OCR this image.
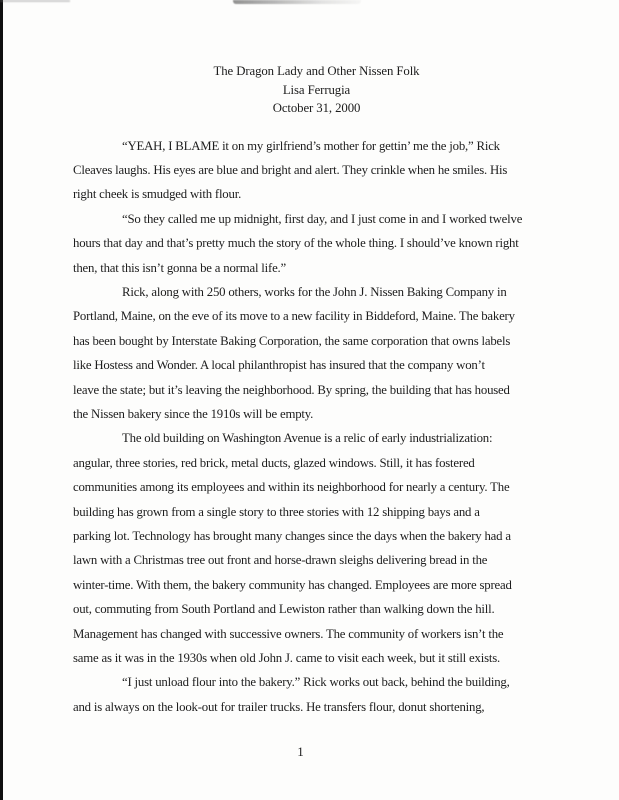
The Dragon Lady and Other Nissen Folk
Lisa Ferrugia
October 31, 2000
“YEAH, I BLAME it on my girlfriend’s mother for gettin’ me the job,” Rick
Cleaves laughs. His eyes are blue and bright and alert. They crinkle when he smiles. His
right cheek is smudged with flour.
“So they called me up midnight, first day, and I just come in and I worked twelve
hours that day and that’s pretty much the story of the whole thing. I should’ve known right
then, that this isn’t gonna be a normal life.”
Rick, along with 250 others, works for the John J. Nissen Baking Company in
Portland, Maine, on the eve of its move to a new facility in Biddeford, Maine. The bakery
has been bought by Interstate Baking Corporation, the same corporation that owns labels
like Hostess and Wonder. A local philanthropist has insured that the company won’t
leave the state; but it’s leaving the neighborhood. By spring, the building that has housed
the Nissen bakery since the 1910s will be empty.
The old building on Washington Avenue is a relic of early industrialization:
angular, three stories, red brick, metal ducts, glazed windows. Still, it has fostered
communities among its employees and within its neighborhood for nearly a century. The
building has grown from a single story to three stories with 12 shipping bays and a
parking lot. Technology has brought many changes since the days when the bakery had a
lawn with a Christmas tree out front and horse-drawn sleighs delivering bread in the
winter-time. With them, the bakery community has changed. Employees are more spread
out, commuting from South Portland and Lewiston rather than walking down the hill.
Management has changed with successive owners. The community of workers isn’t the
same as it was in the 1930s when old John J. came to visit each week, but it still exists.
“I just unload flour into the bakery.” Rick works out back, behind the building,
and is always on the look-out for trailer trucks. He transfers flour, donut shortening,
1
